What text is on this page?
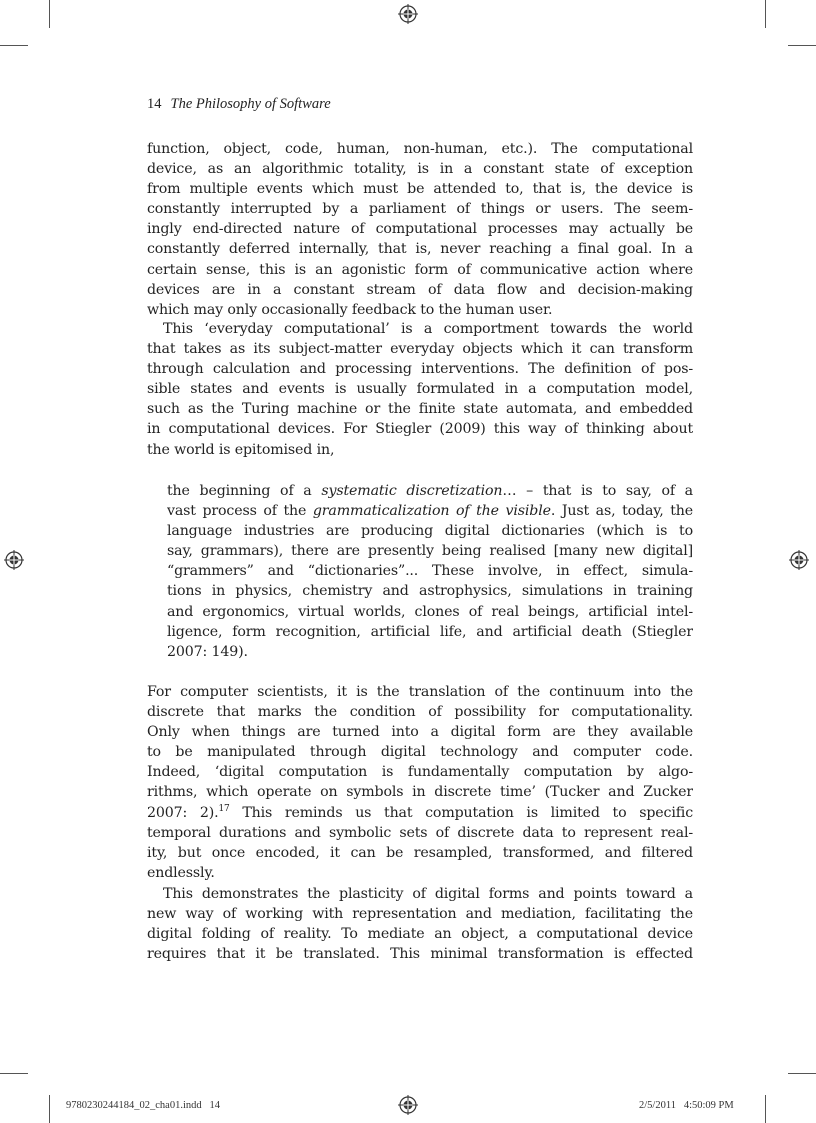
14 The Philosophy of Software
function, object, code, human, non-human, etc.). The computational
device, as an algorithmic totality, is in a constant state of exception
from multiple events which must be attended to, that is, the device is
constantly interrupted by a parliament of things or users. The seem-
ingly end-directed nature of computational processes may actually be
constantly deferred internally, that is, never reaching a final goal. In a
certain sense, this is an agonistic form of communicative action where
devices are in a constant stream of data flow and decision-making
which may only occasionally feedback to the human user.
This ‘everyday computational’ is a comportment towards the world
that takes as its subject-matter everyday objects which it can transform
through calculation and processing interventions. The definition of pos-
sible states and events is usually formulated in a computation model,
such as the Turing machine or the finite state automata, and embedded
in computational devices. For Stiegler (2009) this way of thinking about
the world is epitomised in,
the beginning of a systematic discretization… – that is to say, of a
vast process of the grammaticalization of the visible. Just as, today, the
language industries are producing digital dictionaries (which is to
say, grammars), there are presently being realised [many new digital]
“grammers” and “dictionaries”... These involve, in effect, simula-
tions in physics, chemistry and astrophysics, simulations in training
and ergonomics, virtual worlds, clones of real beings, artificial intel-
ligence, form recognition, artificial life, and artificial death (Stiegler
2007: 149).
For computer scientists, it is the translation of the continuum into the
discrete that marks the condition of possibility for computationality.
Only when things are turned into a digital form are they available
to be manipulated through digital technology and computer code.
Indeed, ‘digital computation is fundamentally computation by algo-
rithms, which operate on symbols in discrete time’ (Tucker and Zucker
2007: 2).$^{17}$ This reminds us that computation is limited to specific
temporal durations and symbolic sets of discrete data to represent real-
ity, but once encoded, it can be resampled, transformed, and filtered
endlessly.
This demonstrates the plasticity of digital forms and points toward a
new way of working with representation and mediation, facilitating the
digital folding of reality. To mediate an object, a computational device
requires that it be translated. This minimal transformation is effected
9780230244184_02_cha01.indd   14	2/5/2011   4:50:09 PM
